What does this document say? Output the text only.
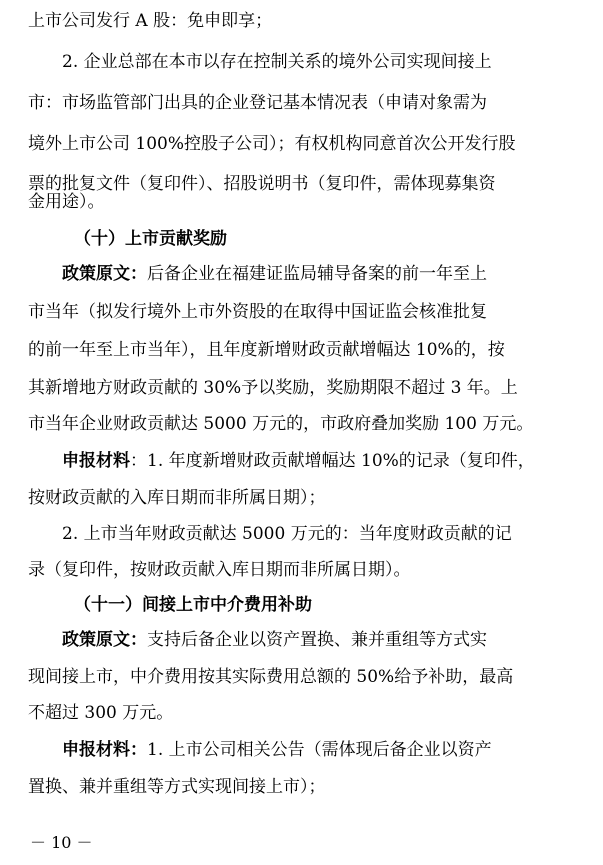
上市公司发行 A 股：免申即享；
2. 企业总部在本市以存在控制关系的境外公司实现间接上
市：市场监管部门出具的企业登记基本情况表（申请对象需为
境外上市公司 100%控股子公司）；有权机构同意首次公开发行股
票的批复文件（复印件）、招股说明书（复印件，需体现募集资
金用途）。
（十）上市贡献奖励
政策原文：后备企业在福建证监局辅导备案的前一年至上
市当年（拟发行境外上市外资股的在取得中国证监会核准批复
的前一年至上市当年），且年度新增财政贡献增幅达 10%的，按
其新增地方财政贡献的 30%予以奖励，奖励期限不超过 3 年。上
市当年企业财政贡献达 5000 万元的，市政府叠加奖励 100 万元。
申报材料：1. 年度新增财政贡献增幅达 10%的记录（复印件，
按财政贡献的入库日期而非所属日期）；
2. 上市当年财政贡献达 5000 万元的：当年度财政贡献的记
录（复印件，按财政贡献入库日期而非所属日期）。
（十一）间接上市中介费用补助
政策原文：支持后备企业以资产置换、兼并重组等方式实
现间接上市，中介费用按其实际费用总额的 50%给予补助，最高
不超过 300 万元。
申报材料：1. 上市公司相关公告（需体现后备企业以资产
置换、兼并重组等方式实现间接上市）；
－ 10 －
